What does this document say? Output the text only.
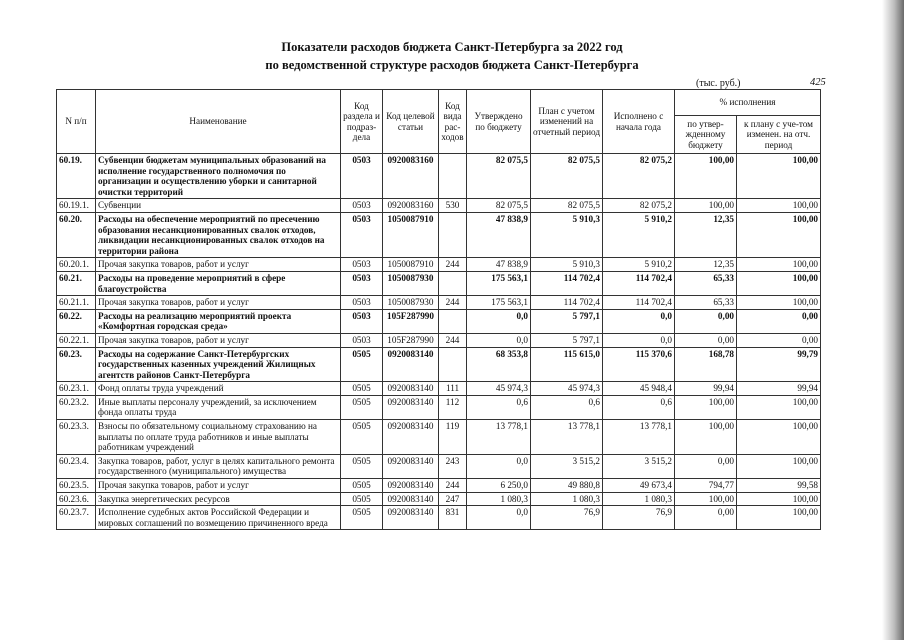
Показатели расходов бюджета Санкт-Петербурга за 2022 год
по ведомственной структуре расходов бюджета Санкт-Петербурга
(тыс. руб.)	425
N п/п	Наименование	Код раздела и подраз-дела	Код целевой статьи	Код вида рас-ходов	Утверждено по бюджету	План с учетом изменений на отчетный период	Исполнено с начала года	% исполнения	
								по утвер-жденному бюджету	к плану с уче-том изменен. на отч. период
60.19.	Субвенции бюджетам муниципальных образований на исполнение государственного полномочия по организации и осуществлению уборки и санитарной очистки территорий	0503	0920083160		82 075,5	82 075,5	82 075,2	100,00	100,00
60.19.1.	Субвенции	0503	0920083160	530	82 075,5	82 075,5	82 075,2	100,00	100,00
60.20.	Расходы на обеспечение мероприятий по пресечению образования несанкционированных свалок отходов, ликвидации несанкционированных свалок отходов на территории района	0503	1050087910		47 838,9	5 910,3	5 910,2	12,35	100,00
60.20.1.	Прочая закупка товаров, работ и услуг	0503	1050087910	244	47 838,9	5 910,3	5 910,2	12,35	100,00
60.21.	Расходы на проведение мероприятий в сфере благоустройства	0503	1050087930		175 563,1	114 702,4	114 702,4	65,33	100,00
60.21.1.	Прочая закупка товаров, работ и услуг	0503	1050087930	244	175 563,1	114 702,4	114 702,4	65,33	100,00
60.22.	Расходы на реализацию мероприятий проекта «Комфортная городская среда»	0503	105F287990		0,0	5 797,1	0,0	0,00	0,00
60.22.1.	Прочая закупка товаров, работ и услуг	0503	105F287990	244	0,0	5 797,1	0,0	0,00	0,00
60.23.	Расходы на содержание Санкт-Петербургских государственных казенных учреждений Жилищных агентств районов Санкт-Петербурга	0505	0920083140		68 353,8	115 615,0	115 370,6	168,78	99,79
60.23.1.	Фонд оплаты труда учреждений	0505	0920083140	111	45 974,3	45 974,3	45 948,4	99,94	99,94
60.23.2.	Иные выплаты персоналу учреждений, за исключением фонда оплаты труда	0505	0920083140	112	0,6	0,6	0,6	100,00	100,00
60.23.3.	Взносы по обязательному социальному страхованию на выплаты по оплате труда работников и иные выплаты работникам учреждений	0505	0920083140	119	13 778,1	13 778,1	13 778,1	100,00	100,00
60.23.4.	Закупка товаров, работ, услуг в целях капитального ремонта государственного (муниципального) имущества	0505	0920083140	243	0,0	3 515,2	3 515,2	0,00	100,00
60.23.5.	Прочая закупка товаров, работ и услуг	0505	0920083140	244	6 250,0	49 880,8	49 673,4	794,77	99,58
60.23.6.	Закупка энергетических ресурсов	0505	0920083140	247	1 080,3	1 080,3	1 080,3	100,00	100,00
60.23.7.	Исполнение судебных актов Российской Федерации и мировых соглашений по возмещению причиненного вреда	0505	0920083140	831	0,0	76,9	76,9	0,00	100,00
